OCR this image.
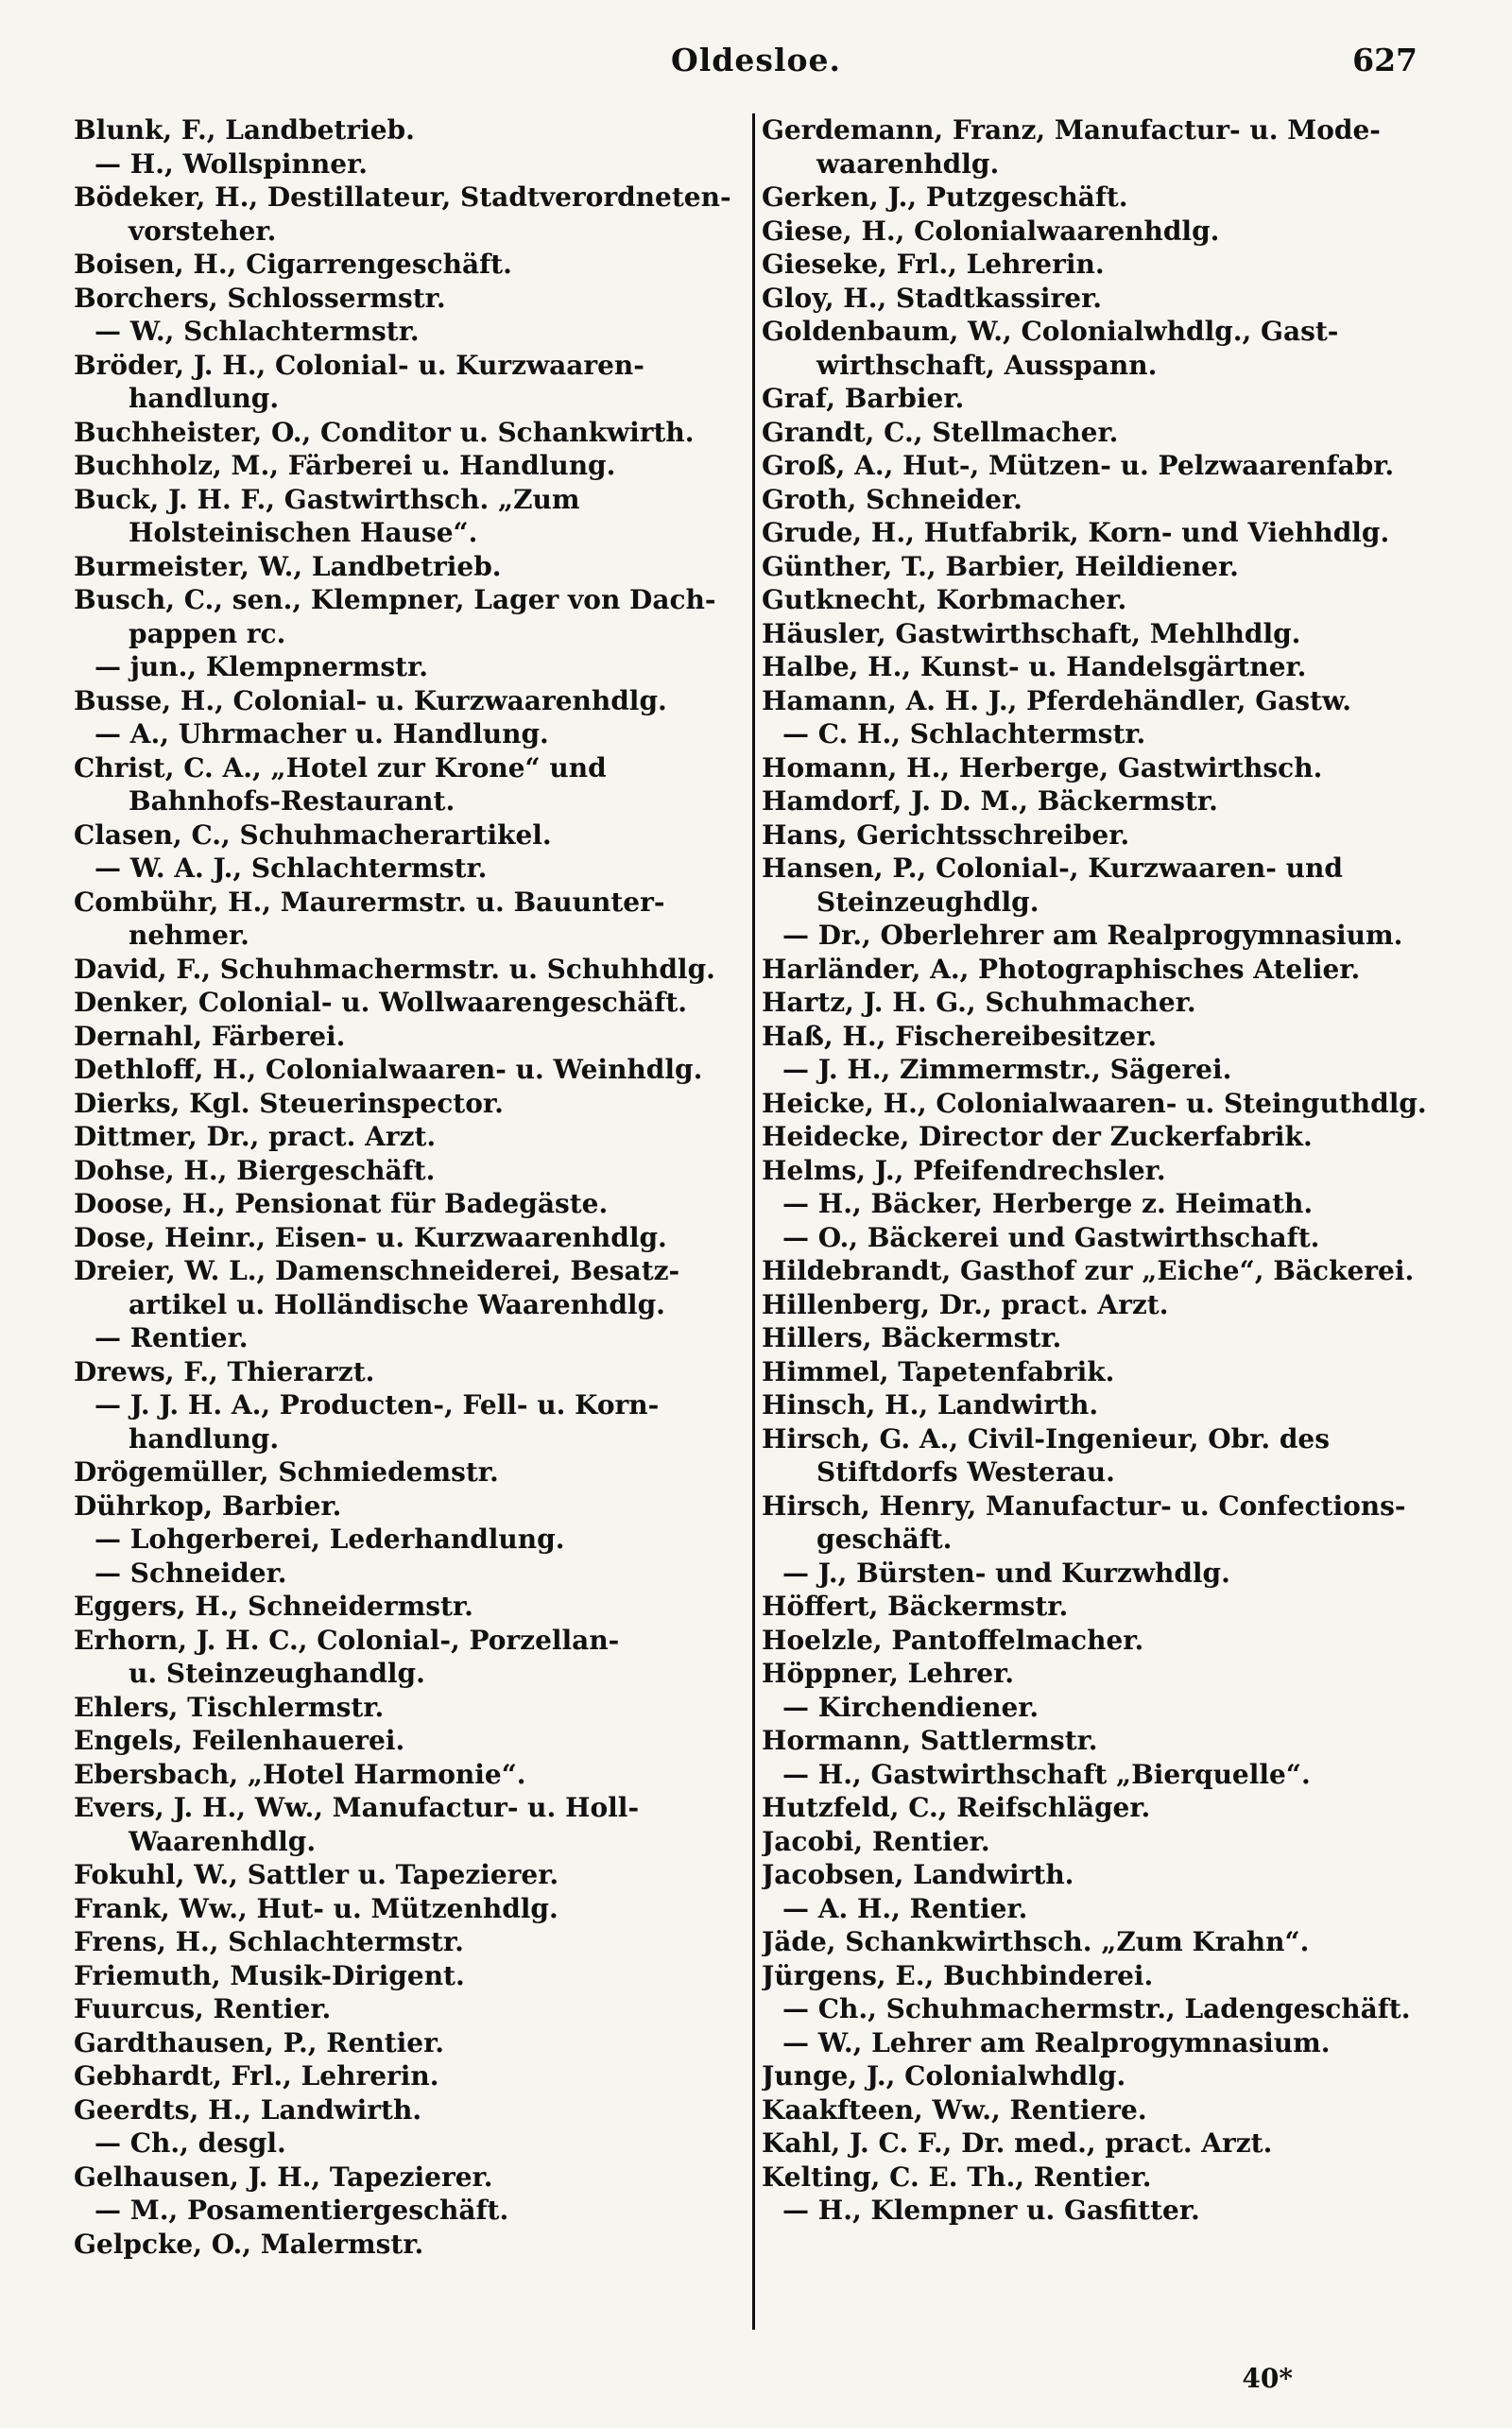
Oldesloe.	627
Blunk, F., Landbetrieb.
— H., Wollspinner.
Bödeker, H., Destillateur, Stadtverordneten-
vorsteher.
Boisen, H., Cigarrengeschäft.
Borchers, Schlossermstr.
— W., Schlachtermstr.
Bröder, J. H., Colonial- u. Kurzwaaren-
handlung.
Buchheister, O., Conditor u. Schankwirth.
Buchholz, M., Färberei u. Handlung.
Buck, J. H. F., Gastwirthsch. „Zum
Holsteinischen Hause“.
Burmeister, W., Landbetrieb.
Busch, C., sen., Klempner, Lager von Dach-
pappen rc.
— jun., Klempnermstr.
Busse, H., Colonial- u. Kurzwaarenhdlg.
— A., Uhrmacher u. Handlung.
Christ, C. A., „Hotel zur Krone“ und
Bahnhofs-Restaurant.
Clasen, C., Schuhmacherartikel.
— W. A. J., Schlachtermstr.
Combühr, H., Maurermstr. u. Bauunter-
nehmer.
David, F., Schuhmachermstr. u. Schuhhdlg.
Denker, Colonial- u. Wollwaarengeschäft.
Dernahl, Färberei.
Dethloff, H., Colonialwaaren- u. Weinhdlg.
Dierks, Kgl. Steuerinspector.
Dittmer, Dr., pract. Arzt.
Dohse, H., Biergeschäft.
Doose, H., Pensionat für Badegäste.
Dose, Heinr., Eisen- u. Kurzwaarenhdlg.
Dreier, W. L., Damenschneiderei, Besatz-
artikel u. Holländische Waarenhdlg.
— Rentier.
Drews, F., Thierarzt.
— J. J. H. A., Producten-, Fell- u. Korn-
handlung.
Drögemüller, Schmiedemstr.
Dührkop, Barbier.
— Lohgerberei, Lederhandlung.
— Schneider.
Eggers, H., Schneidermstr.
Erhorn, J. H. C., Colonial-, Porzellan-
u. Steinzeughandlg.
Ehlers, Tischlermstr.
Engels, Feilenhauerei.
Ebersbach, „Hotel Harmonie“.
Evers, J. H., Ww., Manufactur- u. Holl-
Waarenhdlg.
Fokuhl, W., Sattler u. Tapezierer.
Frank, Ww., Hut- u. Mützenhdlg.
Frens, H., Schlachtermstr.
Friemuth, Musik-Dirigent.
Fuurcus, Rentier.
Gardthausen, P., Rentier.
Gebhardt, Frl., Lehrerin.
Geerdts, H., Landwirth.
— Ch., desgl.
Gelhausen, J. H., Tapezierer.
— M., Posamentiergeschäft.
Gelpcke, O., Malermstr.
Gerdemann, Franz, Manufactur- u. Mode-
waarenhdlg.
Gerken, J., Putzgeschäft.
Giese, H., Colonialwaarenhdlg.
Gieseke, Frl., Lehrerin.
Gloy, H., Stadtkassirer.
Goldenbaum, W., Colonialwhdlg., Gast-
wirthschaft, Ausspann.
Graf, Barbier.
Grandt, C., Stellmacher.
Groß, A., Hut-, Mützen- u. Pelzwaarenfabr.
Groth, Schneider.
Grude, H., Hutfabrik, Korn- und Viehhdlg.
Günther, T., Barbier, Heildiener.
Gutknecht, Korbmacher.
Häusler, Gastwirthschaft, Mehlhdlg.
Halbe, H., Kunst- u. Handelsgärtner.
Hamann, A. H. J., Pferdehändler, Gastw.
— C. H., Schlachtermstr.
Homann, H., Herberge, Gastwirthsch.
Hamdorf, J. D. M., Bäckermstr.
Hans, Gerichtsschreiber.
Hansen, P., Colonial-, Kurzwaaren- und
Steinzeughdlg.
— Dr., Oberlehrer am Realprogymnasium.
Harländer, A., Photographisches Atelier.
Hartz, J. H. G., Schuhmacher.
Haß, H., Fischereibesitzer.
— J. H., Zimmermstr., Sägerei.
Heicke, H., Colonialwaaren- u. Steinguthdlg.
Heidecke, Director der Zuckerfabrik.
Helms, J., Pfeifendrechsler.
— H., Bäcker, Herberge z. Heimath.
— O., Bäckerei und Gastwirthschaft.
Hildebrandt, Gasthof zur „Eiche“, Bäckerei.
Hillenberg, Dr., pract. Arzt.
Hillers, Bäckermstr.
Himmel, Tapetenfabrik.
Hinsch, H., Landwirth.
Hirsch, G. A., Civil-Ingenieur, Obr. des
Stiftdorfs Westerau.
Hirsch, Henry, Manufactur- u. Confections-
geschäft.
— J., Bürsten- und Kurzwhdlg.
Höffert, Bäckermstr.
Hoelzle, Pantoffelmacher.
Höppner, Lehrer.
— Kirchendiener.
Hormann, Sattlermstr.
— H., Gastwirthschaft „Bierquelle“.
Hutzfeld, C., Reifschläger.
Jacobi, Rentier.
Jacobsen, Landwirth.
— A. H., Rentier.
Jäde, Schankwirthsch. „Zum Krahn“.
Jürgens, E., Buchbinderei.
— Ch., Schuhmachermstr., Ladengeschäft.
— W., Lehrer am Realprogymnasium.
Junge, J., Colonialwhdlg.
Kaakfteen, Ww., Rentiere.
Kahl, J. C. F., Dr. med., pract. Arzt.
Kelting, C. E. Th., Rentier.
— H., Klempner u. Gasfitter.
40*
